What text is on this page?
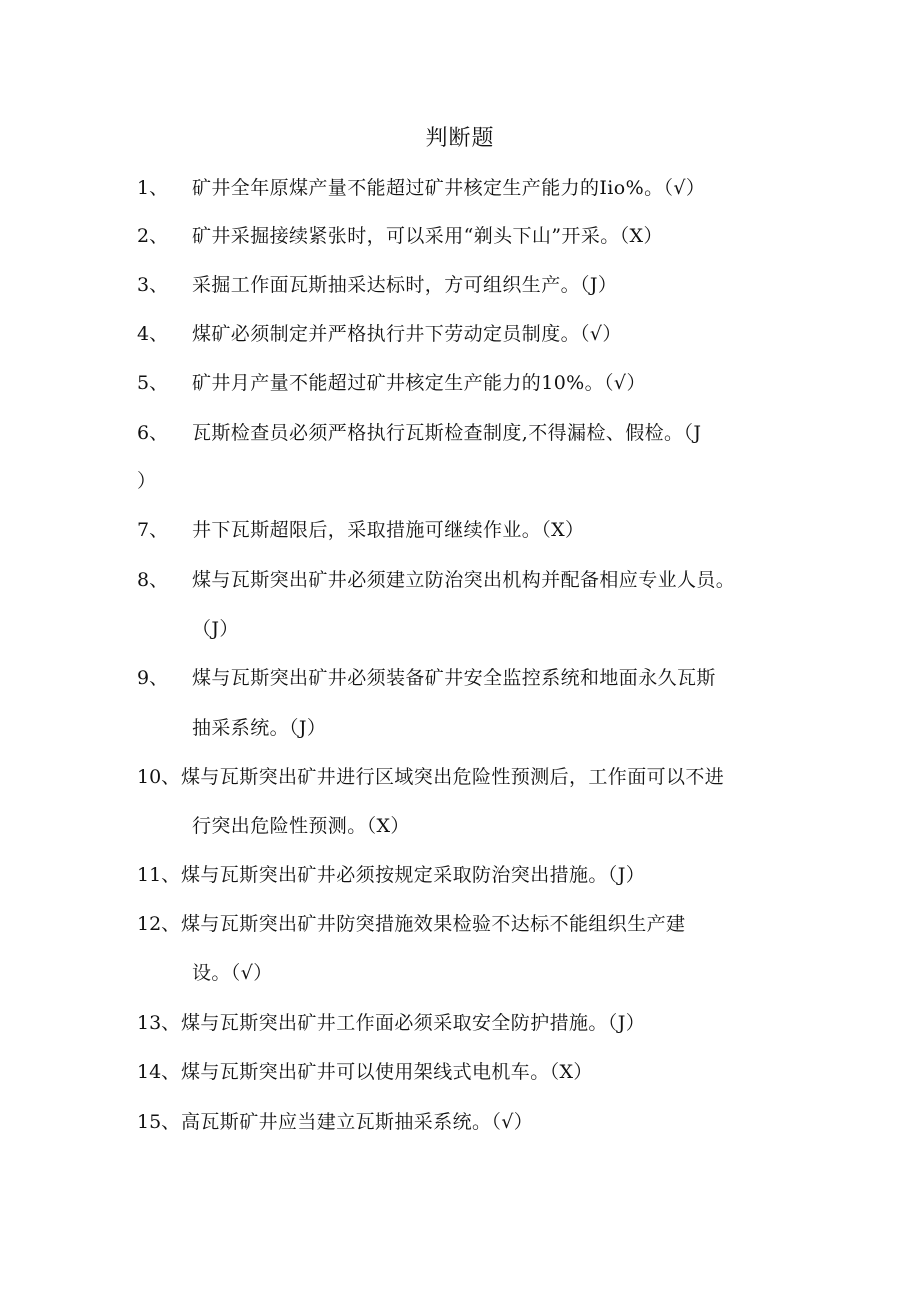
判断题
1、 矿井全年原煤产量不能超过矿井核定生产能力的Iio%。（√）
2、 矿井采掘接续紧张时，可以采用“剃头下山”开采。（X）
3、 采掘工作面瓦斯抽采达标时，方可组织生产。（J）
4、 煤矿必须制定并严格执行井下劳动定员制度。（√）
5、 矿井月产量不能超过矿井核定生产能力的10%。（√）
6、 瓦斯检查员必须严格执行瓦斯检查制度,不得漏检、假检。（J
）
7、 井下瓦斯超限后，采取措施可继续作业。（X）
8、 煤与瓦斯突出矿井必须建立防治突出机构并配备相应专业人员。
（J）
9、 煤与瓦斯突出矿井必须装备矿井安全监控系统和地面永久瓦斯
抽采系统。（J）
10、 煤与瓦斯突出矿井进行区域突出危险性预测后，工作面可以不进
行突出危险性预测。（X）
11、 煤与瓦斯突出矿井必须按规定采取防治突出措施。（J）
12、 煤与瓦斯突出矿井防突措施效果检验不达标不能组织生产建
设。（√）
13、 煤与瓦斯突出矿井工作面必须采取安全防护措施。（J）
14、 煤与瓦斯突出矿井可以使用架线式电机车。（X）
15、 高瓦斯矿井应当建立瓦斯抽采系统。（√）
